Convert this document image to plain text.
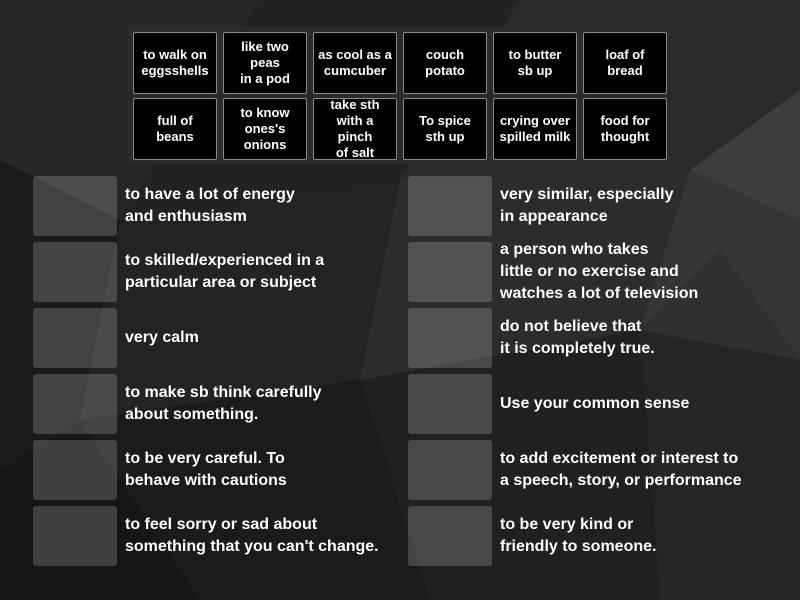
to walk on
eggsshells
like two peas
in a pod
as cool as a
cumcuber
couch potato
to butter
sb up
loaf of bread
full of beans
to know
ones's onions
take sth
with a pinch
of salt
To spice
sth up
crying over
spilled milk
food for
thought
to have a lot of energy
and enthusiasm
to skilled/experienced in a
particular area or subject
very calm
to make sb think carefully
about something.
to be very careful. To
behave with cautions
to feel sorry or sad about
something that you can't change.
very similar, especially
in appearance
a person who takes
little or no exercise and
watches a lot of television
do not believe that
it is completely true.
Use your common sense
to add excitement or interest to
a speech, story, or performance
to be very kind or
friendly to someone.
